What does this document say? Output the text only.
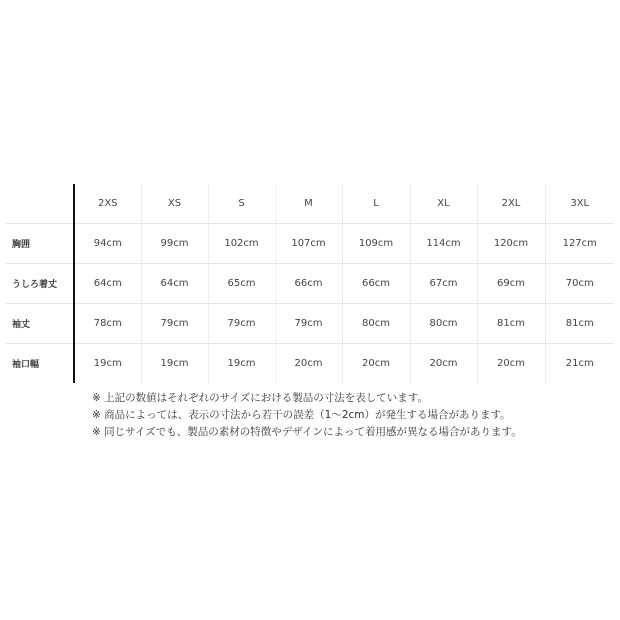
	2XS	XS	S	M	L	XL	2XL	3XL
胸囲	94cm	99cm	102cm	107cm	109cm	114cm	120cm	127cm
うしろ着丈	64cm	64cm	65cm	66cm	66cm	67cm	69cm	70cm
袖丈	78cm	79cm	79cm	79cm	80cm	80cm	81cm	81cm
袖口幅	19cm	19cm	19cm	20cm	20cm	20cm	20cm	21cm
※ 上記の数値はそれぞれのサイズにおける製品の寸法を表しています。
※ 商品によっては、表示の寸法から若干の誤差（1〜2cm）が発生する場合があります。
※ 同じサイズでも、製品の素材の特徴やデザインによって着用感が異なる場合があります。
